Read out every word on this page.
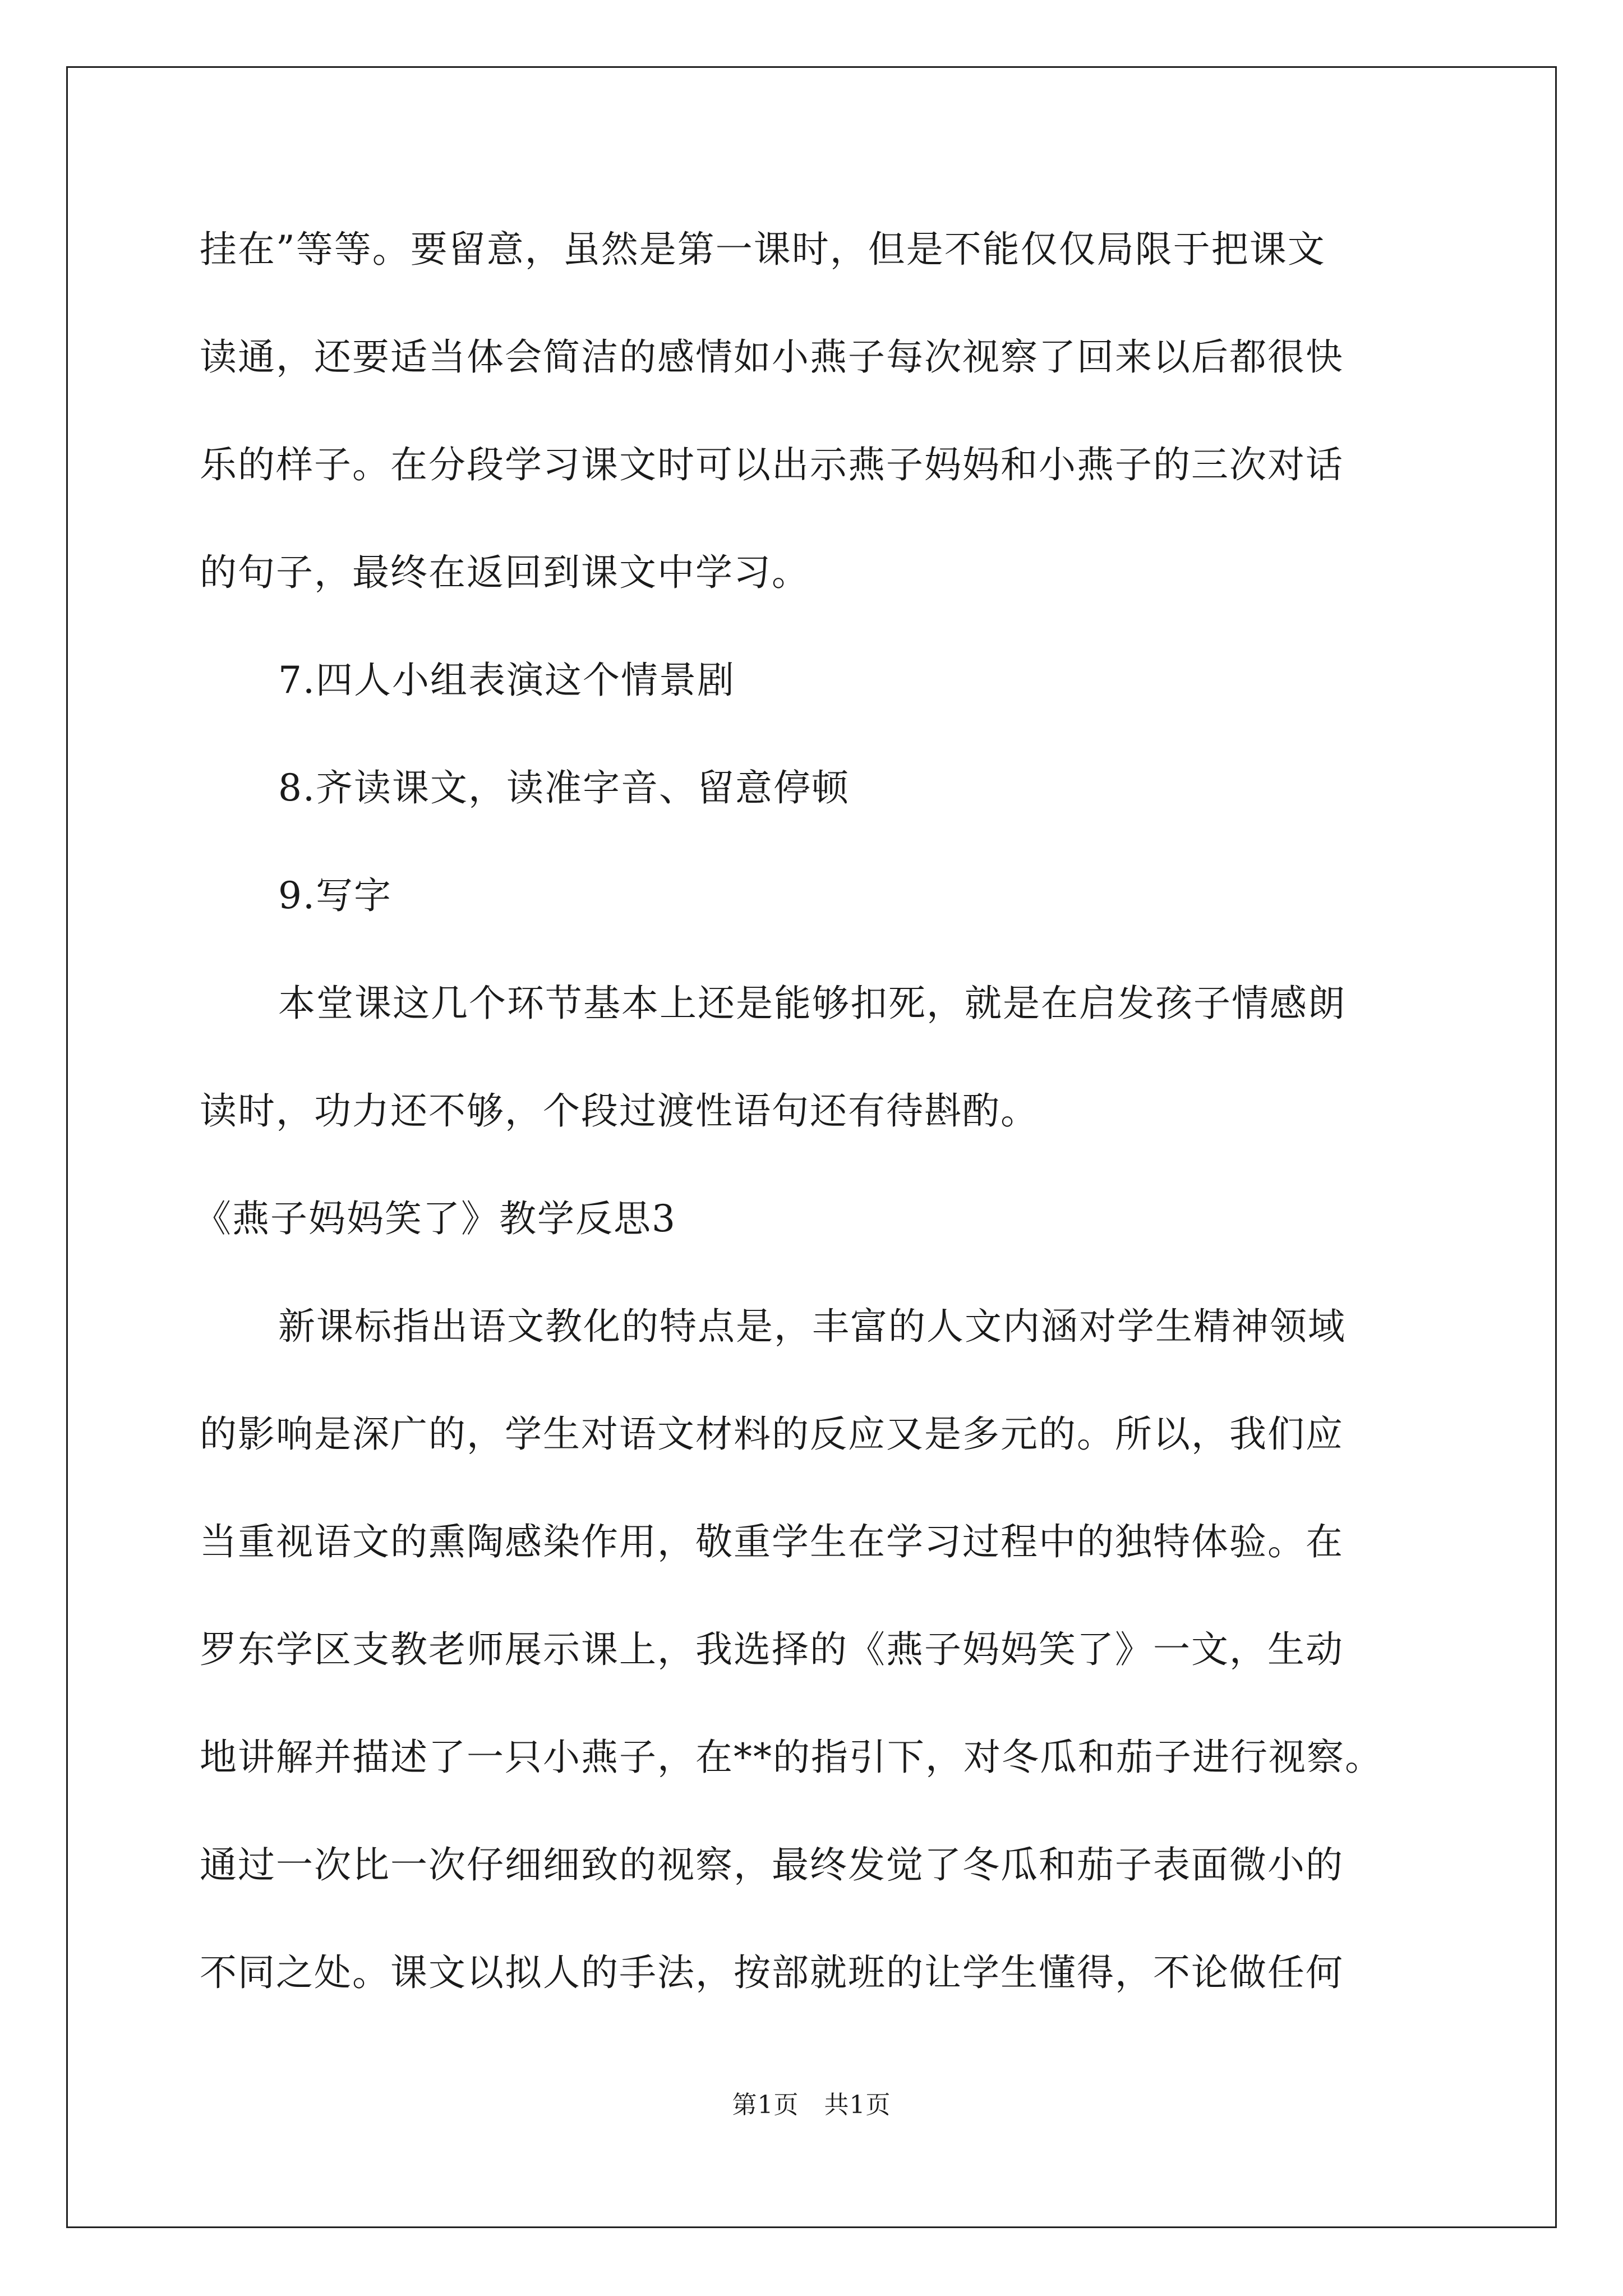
挂在”等等。要留意，虽然是第一课时，但是不能仅仅局限于把课文
读通，还要适当体会简洁的感情如小燕子每次视察了回来以后都很快
乐的样子。在分段学习课文时可以出示燕子妈妈和小燕子的三次对话
的句子，最终在返回到课文中学习。
7.四人小组表演这个情景剧
8.齐读课文，读准字音、留意停顿
9.写字
本堂课这几个环节基本上还是能够扣死，就是在启发孩子情感朗
读时，功力还不够，个段过渡性语句还有待斟酌。
《燕子妈妈笑了》教学反思3
新课标指出语文教化的特点是，丰富的人文内涵对学生精神领域
的影响是深广的，学生对语文材料的反应又是多元的。所以，我们应
当重视语文的熏陶感染作用，敬重学生在学习过程中的独特体验。在
罗东学区支教老师展示课上，我选择的《燕子妈妈笑了》一文，生动
地讲解并描述了一只小燕子，在**的指引下，对冬瓜和茄子进行视察。
通过一次比一次仔细细致的视察，最终发觉了冬瓜和茄子表面微小的
不同之处。课文以拟人的手法，按部就班的让学生懂得，不论做任何
第1页　共1页
